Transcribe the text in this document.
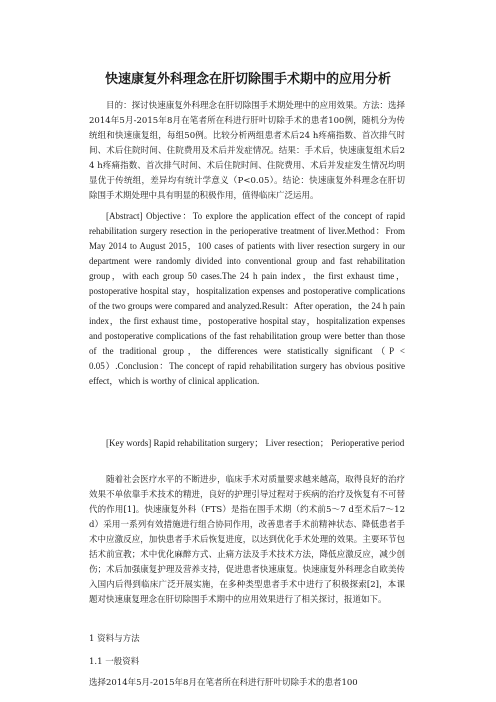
快速康复外科理念在肝切除围手术期中的应用分析
目的：探讨快速康复外科理念在肝切除围手术期处理中的应用效果。方法：选择2014年5月-2015年8月在笔者所在科进行肝叶切除手术的患者100例，随机分为传统组和快速康复组，每组50例。比较分析两组患者术后24 h疼痛指数、首次排气时间、术后住院时间、住院费用及术后并发症情况。结果：手术后，快速康复组术后24 h疼痛指数、首次排气时间、术后住院时间、住院费用、术后并发症发生情况均明显优于传统组，差异均有统计学意义（P<0.05）。结论：快速康复外科理念在肝切除围手术期处理中具有明显的积极作用，值得临床广泛运用。
[Abstract] Objective：To explore the application effect of the concept of rapid rehabilitation surgery resection in the perioperative treatment of liver.Method：From May 2014 to August 2015，100 cases of patients with liver resection surgery in our department were randomly divided into conventional group and fast rehabilitation group，with each group 50 cases.The 24 h pain index，the first exhaust time，postoperative hospital stay，hospitalization expenses and postoperative complications of the two groups were compared and analyzed.Result：After operation，the 24 h pain index，the first exhaust time，postoperative hospital stay，hospitalization expenses and postoperative complications of the fast rehabilitation group were better than those of the traditional group，the differences were statistically significant（P < 0.05）.Conclusion：The concept of rapid rehabilitation surgery has obvious positive effect，which is worthy of clinical application.
[Key words] Rapid rehabilitation surgery； Liver resection； Perioperative period
随着社会医疗水平的不断进步，临床手术对质量要求越来越高，取得良好的治疗效果不单依靠手术技术的精进，良好的护理引导过程对于疾病的治疗及恢复有不可替代的作用[1]。快速康复外科（FTS）是指在围手术期（约术前5～7 d至术后7～12 d）采用一系列有效措施进行组合协同作用，改善患者手术前精神状态、降低患者手术中应激反应，加快患者手术后恢复进度，以达到优化手术处理的效果。主要环节包括术前宣教；术中优化麻醉方式、止痛方法及手术技术方法，降低应激反应，减少创伤；术后加强康复护理及营养支持，促进患者快速康复。快速康复外科理念自欧美传入国内后得到临床广泛开展实施，在多种类型患者手术中进行了积极探索[2]，本课题对快速康复理念在肝切除围手术期中的应用效果进行了相关探讨，报道如下。
1 资料与方法
1.1 一般资料
选择2014年5月-2015年8月在笔者所在科进行肝叶切除手术的患者100
